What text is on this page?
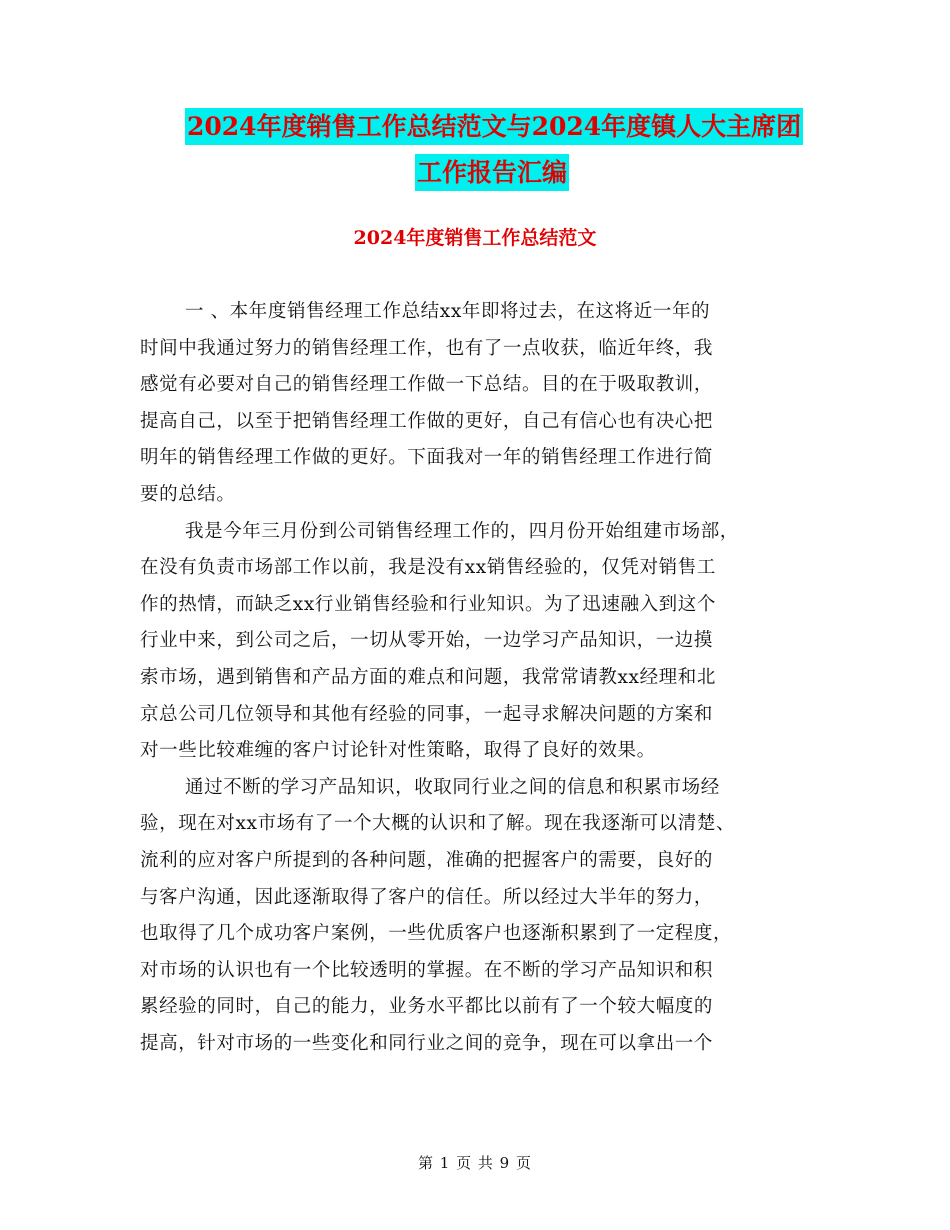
2024年度销售工作总结范文与2024年度镇人大主席团
工作报告汇编
2024年度销售工作总结范文
一 、本年度销售经理工作总结xx年即将过去，在这将近一年的
时间中我通过努力的销售经理工作，也有了一点收获，临近年终，我
感觉有必要对自己的销售经理工作做一下总结。目的在于吸取教训，
提高自己，以至于把销售经理工作做的更好，自己有信心也有决心把
明年的销售经理工作做的更好。下面我对一年的销售经理工作进行简
要的总结。
我是今年三月份到公司销售经理工作的，四月份开始组建市场部，
在没有负责市场部工作以前，我是没有xx销售经验的，仅凭对销售工
作的热情，而缺乏xx行业销售经验和行业知识。为了迅速融入到这个
行业中来，到公司之后，一切从零开始，一边学习产品知识，一边摸
索市场，遇到销售和产品方面的难点和问题，我常常请教xx经理和北
京总公司几位领导和其他有经验的同事，一起寻求解决问题的方案和
对一些比较难缠的客户讨论针对性策略，取得了良好的效果。
通过不断的学习产品知识，收取同行业之间的信息和积累市场经
验，现在对xx市场有了一个大概的认识和了解。现在我逐渐可以清楚、
流利的应对客户所提到的各种问题，准确的把握客户的需要，良好的
与客户沟通，因此逐渐取得了客户的信任。所以经过大半年的努力，
也取得了几个成功客户案例，一些优质客户也逐渐积累到了一定程度，
对市场的认识也有一个比较透明的掌握。在不断的学习产品知识和积
累经验的同时，自己的能力，业务水平都比以前有了一个较大幅度的
提高，针对市场的一些变化和同行业之间的竞争，现在可以拿出一个
第 1 页 共 9 页
